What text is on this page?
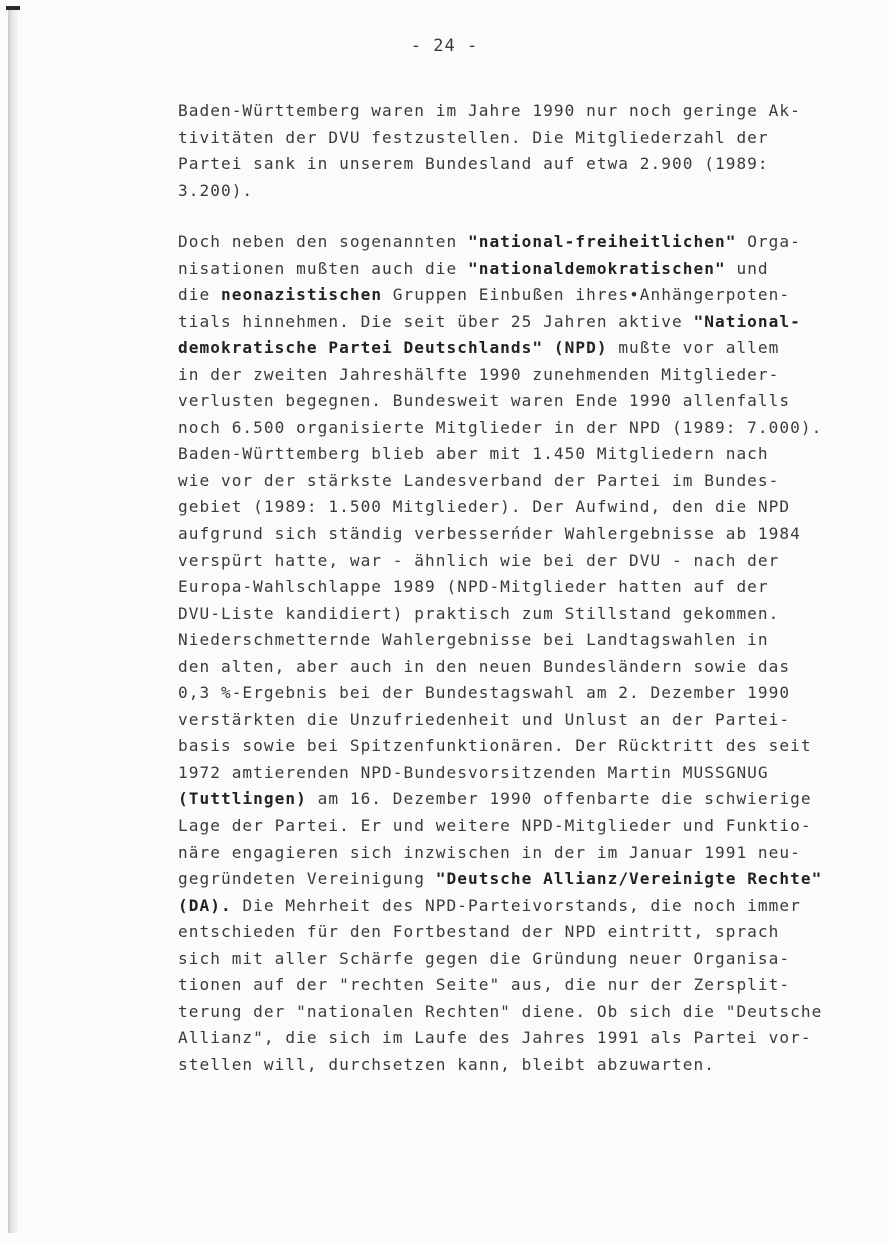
- 24 -
Baden-Württemberg waren im Jahre 1990 nur noch geringe Ak-
tivitäten der DVU festzustellen. Die Mitgliederzahl der
Partei sank in unserem Bundesland auf etwa 2.900 (1989:
3.200).
Doch neben den sogenannten "national-freiheitlichen" Orga-
nisationen mußten auch die "nationaldemokratischen" und
die neonazistischen Gruppen Einbußen ihres•Anhängerpoten-
tials hinnehmen. Die seit über 25 Jahren aktive "National-
demokratische Partei Deutschlands" (NPD) mußte vor allem
in der zweiten Jahreshälfte 1990 zunehmenden Mitglieder-
verlusten begegnen. Bundesweit waren Ende 1990 allenfalls
noch 6.500 organisierte Mitglieder in der NPD (1989: 7.000).
Baden-Württemberg blieb aber mit 1.450 Mitgliedern nach
wie vor der stärkste Landesverband der Partei im Bundes-
gebiet (1989: 1.500 Mitglieder). Der Aufwind, den die NPD
aufgrund sich ständig verbesserńder Wahlergebnisse ab 1984
verspürt hatte, war - ähnlich wie bei der DVU - nach der
Europa-Wahlschlappe 1989 (NPD-Mitglieder hatten auf der
DVU-Liste kandidiert) praktisch zum Stillstand gekommen.
Niederschmetternde Wahlergebnisse bei Landtagswahlen in
den alten, aber auch in den neuen Bundesländern sowie das
0,3 %-Ergebnis bei der Bundestagswahl am 2. Dezember 1990
verstärkten die Unzufriedenheit und Unlust an der Partei-
basis sowie bei Spitzenfunktionären. Der Rücktritt des seit
1972 amtierenden NPD-Bundesvorsitzenden Martin MUSSGNUG
(Tuttlingen) am 16. Dezember 1990 offenbarte die schwierige
Lage der Partei. Er und weitere NPD-Mitglieder und Funktio-
näre engagieren sich inzwischen in der im Januar 1991 neu-
gegründeten Vereinigung "Deutsche Allianz/Vereinigte Rechte"
(DA). Die Mehrheit des NPD-Parteivorstands, die noch immer
entschieden für den Fortbestand der NPD eintritt, sprach
sich mit aller Schärfe gegen die Gründung neuer Organisa-
tionen auf der "rechten Seite" aus, die nur der Zersplit-
terung der "nationalen Rechten" diene. Ob sich die "Deutsche
Allianz", die sich im Laufe des Jahres 1991 als Partei vor-
stellen will, durchsetzen kann, bleibt abzuwarten.
